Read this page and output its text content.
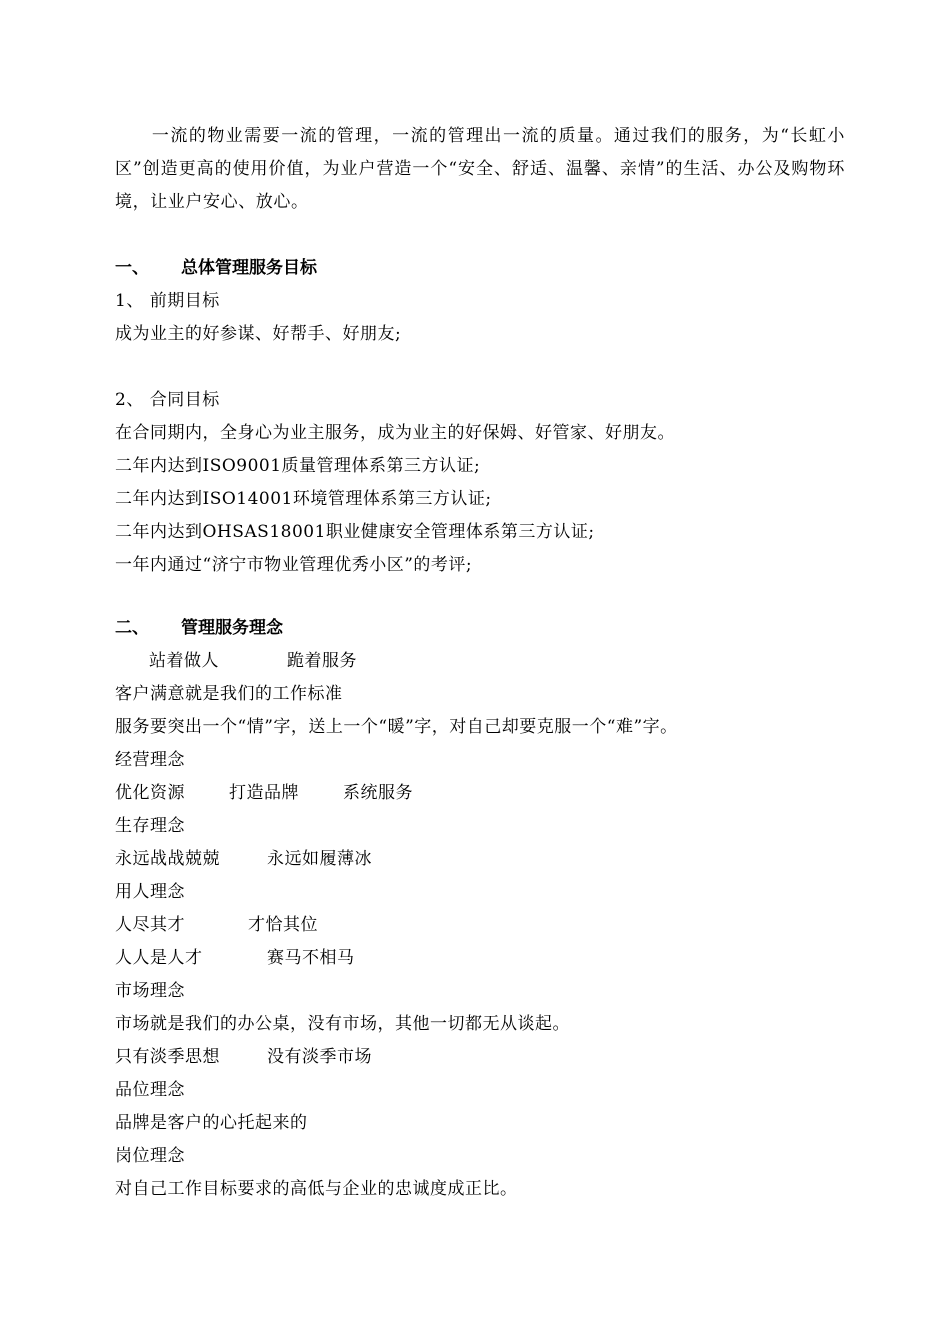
一流的物业需要一流的管理，一流的管理出一流的质量。通过我们的服务，为“长虹小区”创造更高的使用价值，为业户营造一个“安全、舒适、温馨、亲情”的生活、办公及购物环境，让业户安心、放心。

一、 总体管理服务目标
1、 前期目标
成为业主的好参谋、好帮手、好朋友;
2、 合同目标
在合同期内，全身心为业主服务，成为业主的好保姆、好管家、好朋友。
二年内达到ISO9001质量管理体系第三方认证;
二年内达到ISO14001环境管理体系第三方认证;
二年内达到OHSAS18001职业健康安全管理体系第三方认证;
一年内通过“济宁市物业管理优秀小区”的考评;
二、 管理服务理念
站着做人	跪着服务
客户满意就是我们的工作标准
服务要突出一个“情”字，送上一个“暖”字，对自己却要克服一个“难”字。
经营理念
优化资源	打造品牌	系统服务
生存理念
永远战战兢兢	永远如履薄冰
用人理念
人尽其才	才恰其位
人人是人才	赛马不相马
市场理念
市场就是我们的办公桌，没有市场，其他一切都无从谈起。
只有淡季思想	没有淡季市场
品位理念
品牌是客户的心托起来的
岗位理念
对自己工作目标要求的高低与企业的忠诚度成正比。
